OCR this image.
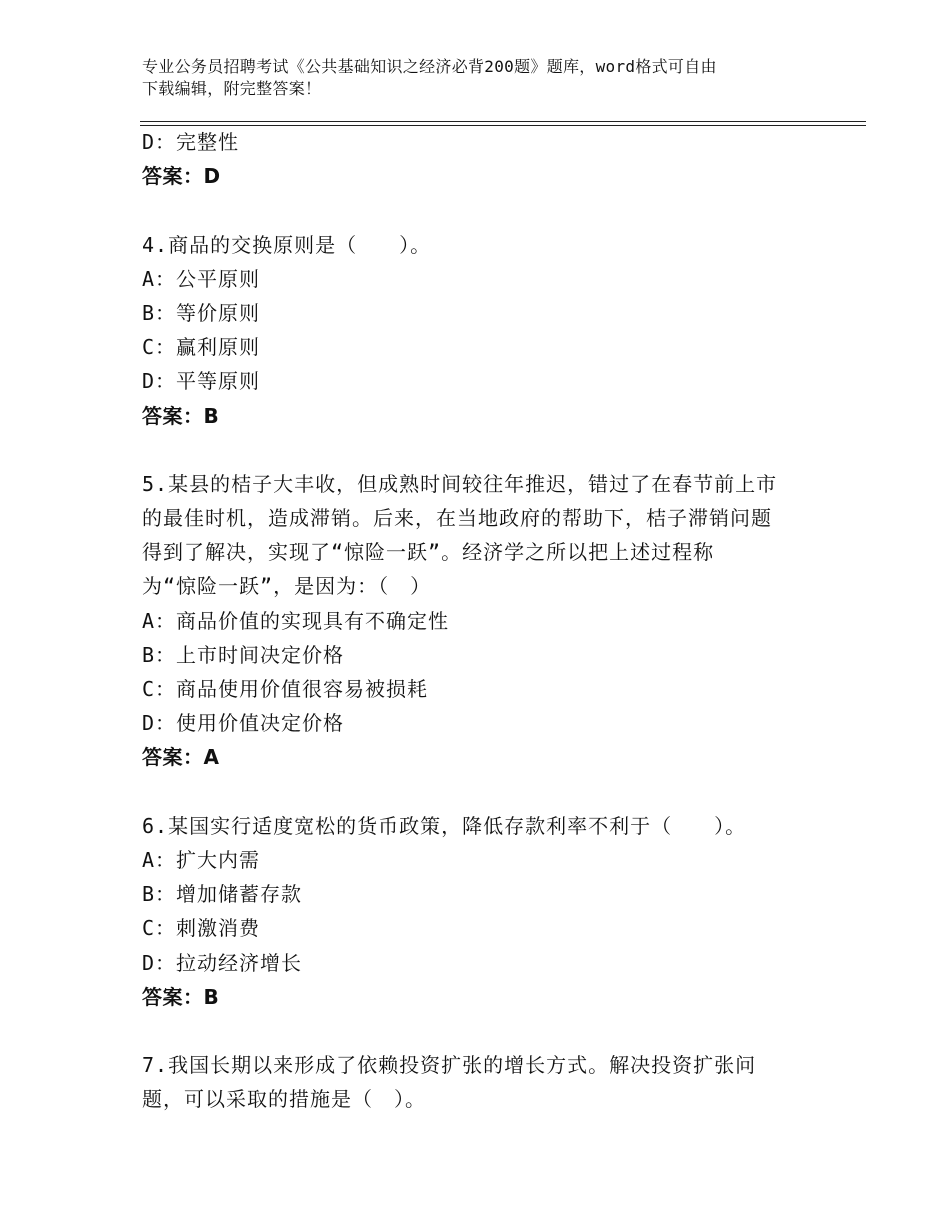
专业公务员招聘考试《公共基础知识之经济必背200题》题库，word格式可自由
下载编辑，附完整答案！
D：完整性
答案：D
4.商品的交换原则是（　　）。
A：公平原则
B：等价原则
C：赢利原则
D：平等原则
答案：B
5.某县的桔子大丰收，但成熟时间较往年推迟，错过了在春节前上市
的最佳时机，造成滞销。后来，在当地政府的帮助下，桔子滞销问题
得到了解决，实现了“惊险一跃”。经济学之所以把上述过程称
为“惊险一跃”，是因为：（　）
A：商品价值的实现具有不确定性
B：上市时间决定价格
C：商品使用价值很容易被损耗
D：使用价值决定价格
答案：A
6.某国实行适度宽松的货币政策，降低存款利率不利于（　　）。
A：扩大内需
B：增加储蓄存款
C：刺激消费
D：拉动经济增长
答案：B
7.我国长期以来形成了依赖投资扩张的增长方式。解决投资扩张问
题，可以采取的措施是（　）。
